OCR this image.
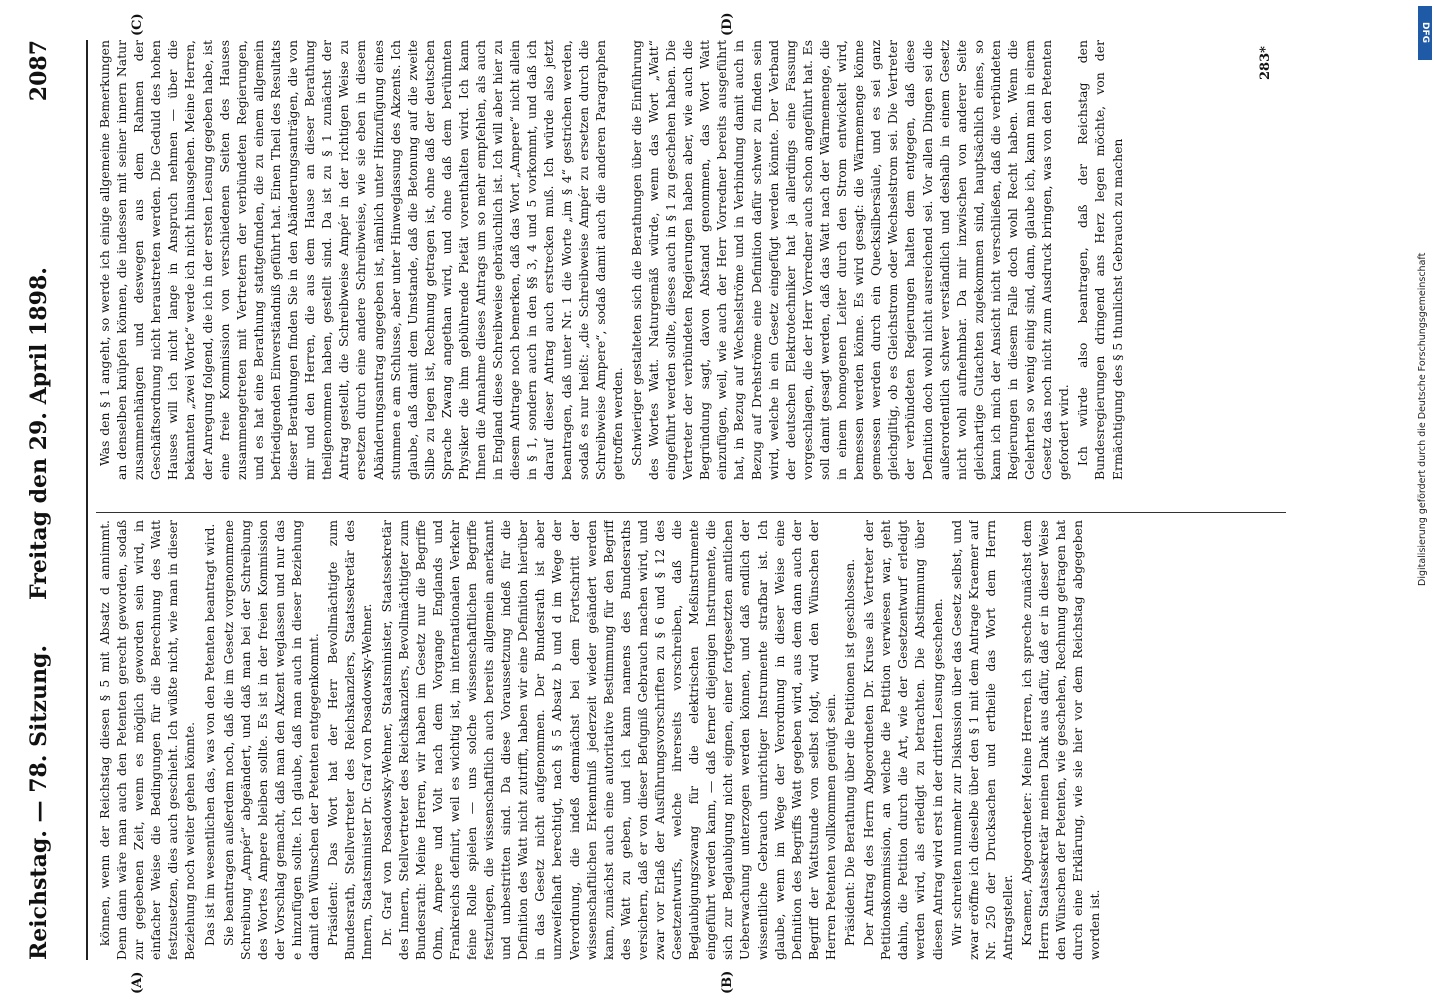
Reichstag. — 78. Sitzung.
Freitag den 29. April 1898.
2087
(A)	(B)
(C)	(D)

können, wenn der Reichstag diesen § 5 mit Absatz d annimmt. Denn dann wäre man auch den Petenten gerecht geworden, sodaß zur gegebenen Zeit, wenn es möglich geworden sein wird, in einfacher Weise die Bedingungen für die Berechnung des Watt festzusetzen, dies auch geschieht. Ich wüßte nicht, wie man in dieser Beziehung noch weiter gehen könnte. Das ist im wesentlichen das, was von den Petenten beantragt wird. Sie beantragen außerdem noch, daß die im Gesetz vorgenommene Schreibung „Ampér“ abgeändert, und daß man bei der Schreibung des Wortes Ampere bleiben sollte. Es ist in der freien Kommission der Vorschlag gemacht, daß man den Akzent weglassen und nur das e hinzufügen sollte. Ich glaube, daß man auch in dieser Beziehung damit den Wünschen der Petenten entgegenkommt. Präsident: Das Wort hat der Herr Bevollmächtigte zum Bundesrath, Stellvertreter des Reichskanzlers, Staatssekretär des Innern, Staatsminister Dr. Graf von Posadowsky-Wehner. Dr. Graf von Posadowsky-Wehner, Staatsminister, Staatssekretär des Innern, Stellvertreter des Reichskanzlers, Bevollmächtigter zum Bundesrath: Meine Herren, wir haben im Gesetz nur die Begriffe Ohm, Ampere und Volt nach dem Vorgange Englands und Frankreichs definirt, weil es wichtig ist, im internationalen Verkehr feine Rolle spielen — uns solche wissenschaftlichen Begriffe festzulegen, die wissenschaftlich auch bereits allgemein anerkannt und unbestritten sind. Da diese Voraussetzung indeß für die Definition des Watt nicht zutrifft, haben wir eine Definition hierüber in das Gesetz nicht aufgenommen. Der Bundesrath ist aber unzweifelhaft berechtigt, nach § 5 Absatz b und d im Wege der Verordnung, die indeß demnächst bei dem Fortschritt der wissenschaftlichen Erkenntniß jederzeit wieder geändert werden kann, zunächst auch eine autoritative Bestimmung für den Begriff des Watt zu geben, und ich kann namens des Bundesraths versichern, daß er von dieser Befugniß Gebrauch machen wird, und zwar vor Erlaß der Ausführungsvorschriften zu § 6 und § 12 des Gesetzentwurfs, welche ihrerseits vorschreiben, daß die Beglaubigungszwang für die elektrischen Meßinstrumente eingeführt werden kann, — daß ferner diejenigen Instrumente, die sich zur Beglaubigung nicht eignen, einer fortgesetzten amtlichen Ueberwachung unterzogen werden können, und daß endlich der wissentliche Gebrauch unrichtiger Instrumente strafbar ist. Ich glaube, wenn im Wege der Verordnung in dieser Weise eine Definition des Begriffs Watt gegeben wird, aus dem dann auch der Begriff der Wattstunde von selbst folgt, wird den Wünschen der Herren Petenten vollkommen genügt sein. Präsident: Die Berathung über die Petitionen ist geschlossen. Der Antrag des Herrn Abgeordneten Dr. Kruse als Vertreter der Petitionskommission, an welche die Petition verwiesen war, geht dahin, die Petition durch die Art, wie der Gesetzentwurf erledigt werden wird, als erledigt zu betrachten. Die Abstimmung über diesen Antrag wird erst in der dritten Lesung geschehen. Wir schreiten nunmehr zur Diskussion über das Gesetz selbst, und zwar eröffne ich dieselbe über den § 1 mit dem Antrage Kraemer auf Nr. 250 der Drucksachen und ertheile das Wort dem Herrn Antragsteller. Kraemer, Abgeordneter: Meine Herren, ich spreche zunächst dem Herrn Staatssekretär meinen Dank aus dafür, daß er in dieser Weise den Wünschen der Petenten, wie geschehen, Rechnung getragen hat durch eine Erklärung, wie sie hier vor dem Reichstag abgegeben worden ist.

Was den § 1 angeht, so werde ich einige allgemeine Bemerkungen an denselben knüpfen können, die indessen mit seiner innern Natur zusammenhängen und deswegen aus dem Rahmen der Geschäftsordnung nicht heraustreten werden. Die Geduld des hohen Hauses will ich nicht lange in Anspruch nehmen — über die bekannten „zwei Worte“ werde ich nicht hinausgehen. Meine Herren, der Anregung folgend, die ich in der ersten Lesung gegeben habe, ist eine freie Kommission von verschiedenen Seiten des Hauses zusammengetreten mit Vertretern der verbündeten Regierungen, und es hat eine Berathung stattgefunden, die zu einem allgemein befriedigenden Einverständniß geführt hat. Einen Theil des Resultats dieser Berathungen finden Sie in den Abänderungsanträgen, die von mir und den Herren, die aus dem Hause an dieser Berathung theilgenommen haben, gestellt sind. Da ist zu § 1 zunächst der Antrag gestellt, die Schreibweise Ampér in der richtigen Weise zu ersetzen durch eine andere Schreibweise, wie sie eben in diesem Abänderungsantrag angegeben ist, nämlich unter Hinzufügung eines stummen e am Schlusse, aber unter Hinweglassung des Akzents. Ich glaube, daß damit dem Umstande, daß die Betonung auf die zweite Silbe zu legen ist, Rechnung getragen ist, ohne daß der deutschen Sprache Zwang angethan wird, und ohne daß dem berühmten Physiker die ihm gebührende Pietät vorenthalten wird. Ich kann Ihnen die Annahme dieses Antrags um so mehr empfehlen, als auch in England diese Schreibweise gebräuchlich ist. Ich will aber hier zu diesem Antrage noch bemerken, daß das Wort „Ampere“ nicht allein in § 1, sondern auch in den §§ 3, 4 und 5 vorkommt, und daß ich darauf dieser Antrag auch erstrecken muß. Ich würde also jetzt beantragen, daß unter Nr. 1 die Worte „im § 4“ gestrichen werden, sodaß es nur heißt: „die Schreibweise Ampér zu ersetzen durch die Schreibweise Ampere“, sodaß damit auch die anderen Paragraphen getroffen werden. Schwieriger gestalteten sich die Berathungen über die Einführung des Wortes Watt. Naturgemäß würde, wenn das Wort „Watt“ eingeführt werden sollte, dieses auch in § 1 zu geschehen haben. Die Vertreter der verbündeten Regierungen haben aber, wie auch die Begründung sagt, davon Abstand genommen, das Wort Watt einzufügen, weil, wie auch der Herr Vorredner bereits ausgeführt hat, in Bezug auf Wechselströme und in Verbindung damit auch in Bezug auf Drehströme eine Definition dafür schwer zu finden sein wird, welche in ein Gesetz eingefügt werden könnte. Der Verband der deutschen Elektrotechniker hat ja allerdings eine Fassung vorgeschlagen, die der Herr Vorredner auch schon angeführt hat. Es soll damit gesagt werden, daß das Watt nach der Wärmemenge, die in einem homogenen Leiter durch den Strom entwickelt wird, bemessen werden könne. Es wird gesagt: die Wärmemenge könne gemessen werden durch ein Quecksilbersäule, und es sei ganz gleichgiltig, ob es Gleichstrom oder Wechselstrom sei. Die Vertreter der verbündeten Regierungen halten dem entgegen, daß diese Definition doch wohl nicht ausreichend sei. Vor allen Dingen sei die außerordentlich schwer verständlich und deshalb in einem Gesetz nicht wohl aufnehmbar. Da mir inzwischen von anderer Seite gleichartige Gutachten zugekommen sind, hauptsächlich eines, so kann ich mich der Ansicht nicht verschließen, daß die verbündeten Regierungen in diesem Falle doch wohl Recht haben. Wenn die Gelehrten so wenig einig sind, dann, glaube ich, kann man in einem Gesetz das noch nicht zum Ausdruck bringen, was von den Petenten gefordert wird. Ich würde also beantragen, daß der Reichstag den Bundesregierungen dringend ans Herz legen möchte, von der Ermächtigung des § 5 thunlichst Gebrauch zu machen

283*
DFG
Digitalisierung gefördert durch die Deutsche Forschungsgemeinschaft
